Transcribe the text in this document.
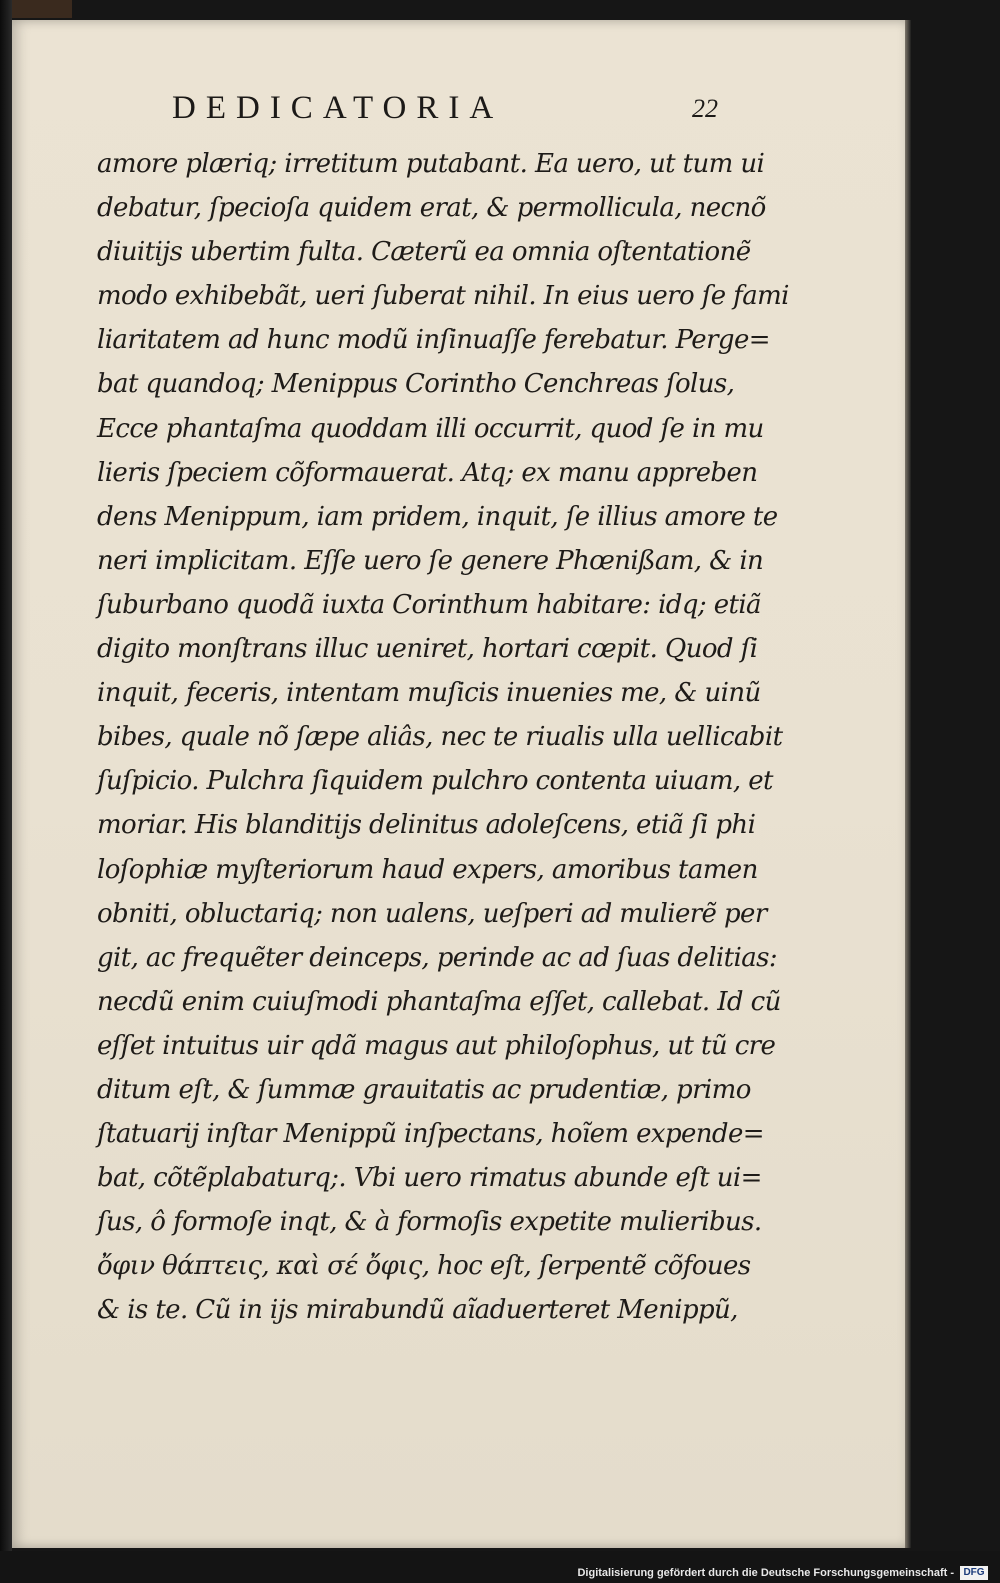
DEDICATORIA	22
amore plæriq; irretitum putabant. Ea uero, ut tum ui
debatur, ſpecioſa quidem erat, & permollicula, necnõ
diuitijs ubertim fulta. Cæterũ ea omnia oſtentationẽ
modo exhibebãt, ueri ſuberat nihil. In eius uero ſe fami
liaritatem ad hunc modũ inſinuaſſe ferebatur. Perge=
bat quandoq; Menippus Corintho Cenchreas ſolus,
Ecce phantaſma quoddam illi occurrit, quod ſe in mu
lieris ſpeciem cõformauerat. Atq; ex manu appreben
dens Menippum, iam pridem, inquit, ſe illius amore te
neri implicitam. Eſſe uero ſe genere Phœnißam, & in
ſuburbano quodã iuxta Corinthum habitare: idq; etiã
digito monſtrans illuc ueniret, hortari cœpit. Quod ſi
inquit, feceris, intentam muſicis inuenies me, & uinũ
bibes, quale nõ ſæpe aliâs, nec te riualis ulla uellicabit
ſuſpicio. Pulchra ſiquidem pulchro contenta uiuam, et
moriar. His blanditijs delinitus adoleſcens, etiã ſi phi
loſophiæ myſteriorum haud expers, amoribus tamen
obniti, obluctariq; non ualens, ueſperi ad mulierẽ per
git, ac frequẽter deinceps, perinde ac ad ſuas delitias:
necdũ enim cuiuſmodi phantaſma eſſet, callebat. Id cũ
eſſet intuitus uir qdã magus aut philoſophus, ut tũ cre
ditum eſt, & ſummæ grauitatis ac prudentiæ, primo
ſtatuarij inſtar Menippũ inſpectans, hoĩem expende=
bat, cõtẽplabaturq;. Vbi uero rimatus abunde eſt ui=
ſus, ô formoſe inqt, & à formoſis expetite mulieribus.
ὄφιν θάπτεις, καὶ σέ ὄφις, hoc eſt, ſerpentẽ cõfoues
& is te. Cũ in ijs mirabundũ aĩaduerteret Menippũ,
Digitalisierung gefördert durch die Deutsche Forschungsgemeinschaft - DFG
